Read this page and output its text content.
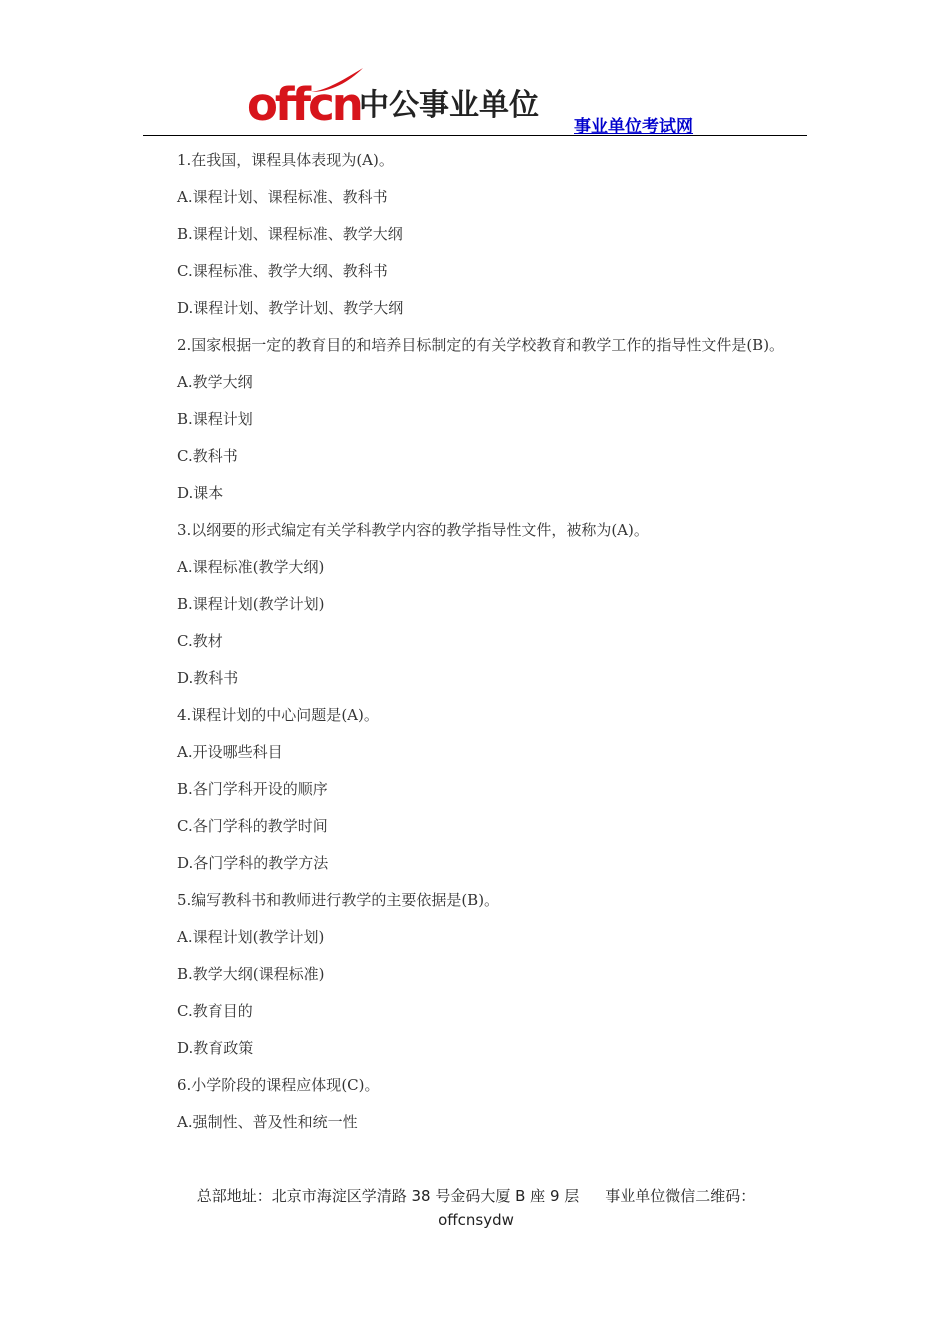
offcn
中公事业单位
事业单位考试网

1.在我国，课程具体表现为(A)。

A.课程计划、课程标准、教科书

B.课程计划、课程标准、教学大纲

C.课程标准、教学大纲、教科书

D.课程计划、教学计划、教学大纲

2.国家根据一定的教育目的和培养目标制定的有关学校教育和教学工作的指导性文件是(B)。

A.教学大纲

B.课程计划

C.教科书

D.课本

3.以纲要的形式编定有关学科教学内容的教学指导性文件，被称为(A)。

A.课程标准(教学大纲)

B.课程计划(教学计划)

C.教材

D.教科书

4.课程计划的中心问题是(A)。

A.开设哪些科目

B.各门学科开设的顺序

C.各门学科的教学时间

D.各门学科的教学方法

5.编写教科书和教师进行教学的主要依据是(B)。

A.课程计划(教学计划)

B.教学大纲(课程标准)

C.教育目的

D.教育政策

6.小学阶段的课程应体现(C)。

A.强制性、普及性和统一性

总部地址：北京市海淀区学清路 38 号金码大厦 B 座 9 层 事业单位微信二维码：
offcnsydw
